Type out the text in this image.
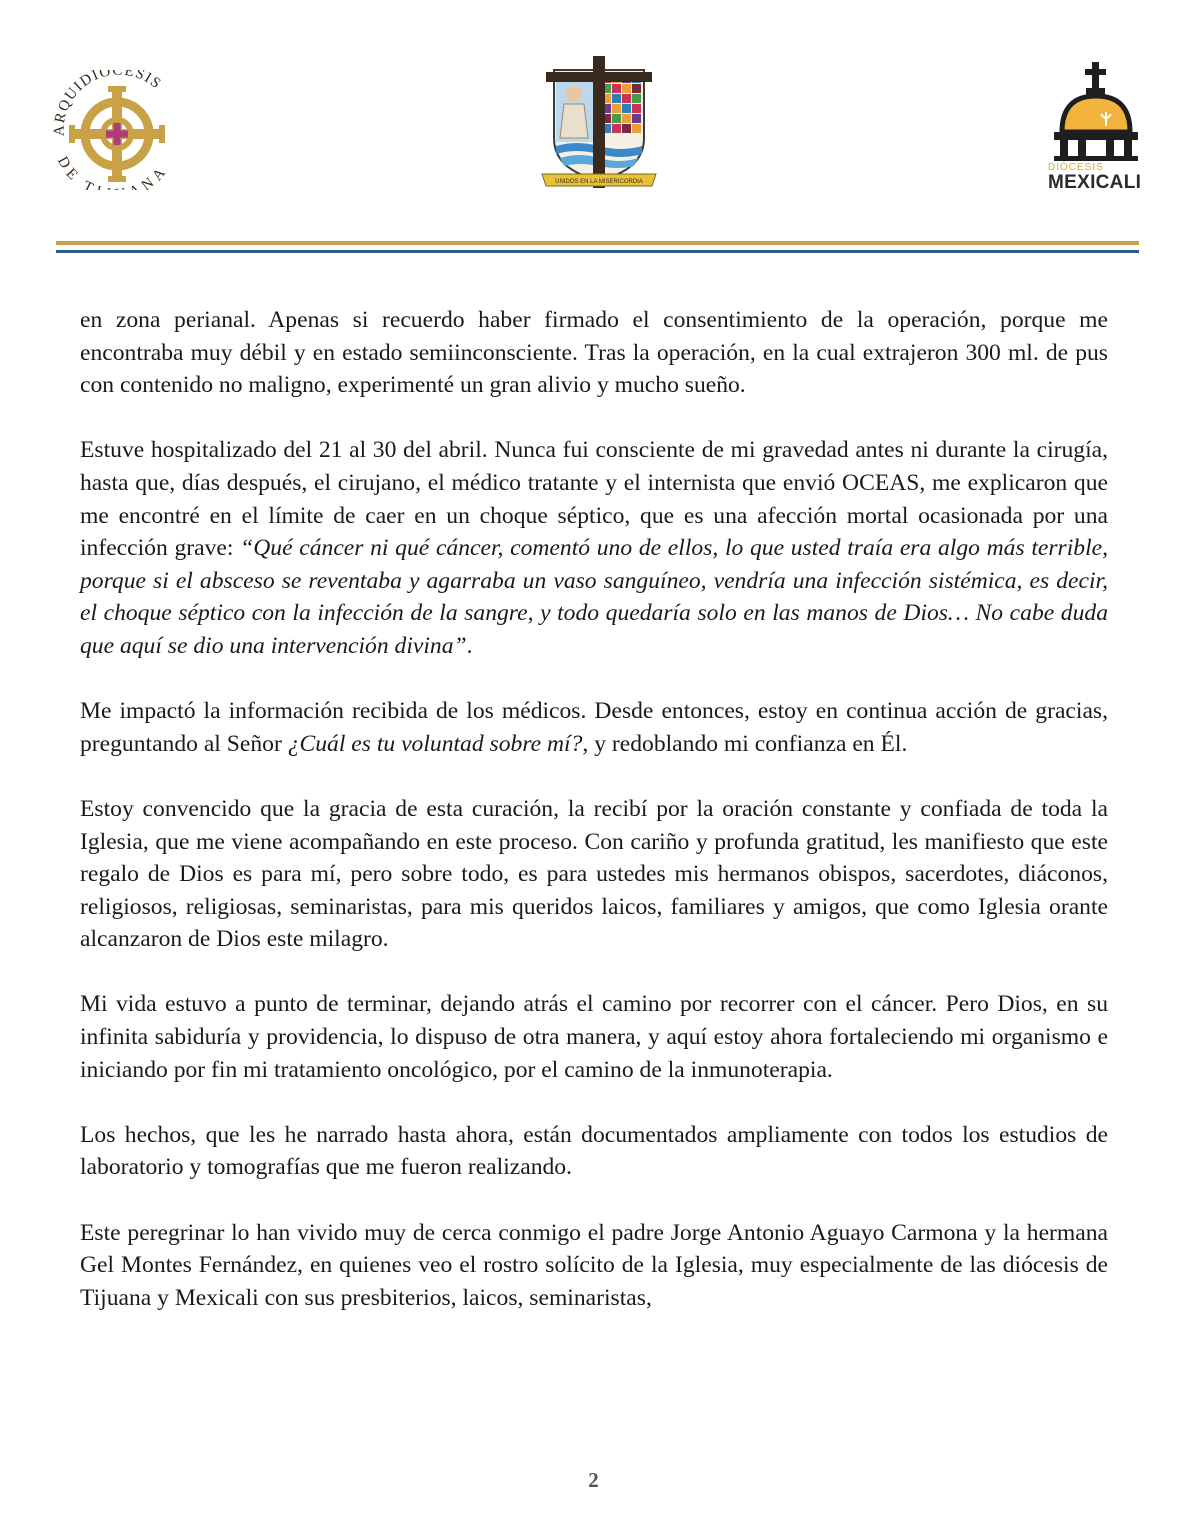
ARQUIDIÓCESIS
DE T NA	UNIDOS EN LA MISERICORDIA
DIÓCESIS
MEXICALI

en zona perianal. Apenas si recuerdo haber firmado el consentimiento de la operación, porque me encontraba muy débil y en estado semiinconsciente. Tras la operación, en la cual extrajeron 300 ml. de pus con contenido no maligno, experimenté un gran alivio y mucho sueño.

Estuve hospitalizado del 21 al 30 del abril. Nunca fui consciente de mi gravedad antes ni durante la cirugía, hasta que, días después, el cirujano, el médico tratante y el internista que envió OCEAS, me explicaron que me encontré en el límite de caer en un choque séptico, que es una afección mortal ocasionada por una infección grave: “Qué cáncer ni qué cáncer, comentó uno de ellos, lo que usted traía era algo más terrible, porque si el absceso se reventaba y agarraba un vaso sanguíneo, vendría una infección sistémica, es decir, el choque séptico con la infección de la sangre, y todo quedaría solo en las manos de Dios… No cabe duda que aquí se dio una intervención divina”.

Me impactó la información recibida de los médicos. Desde entonces, estoy en continua acción de gracias, preguntando al Señor ¿Cuál es tu voluntad sobre mí?, y redoblando mi confianza en Él.

Estoy convencido que la gracia de esta curación, la recibí por la oración constante y confiada de toda la Iglesia, que me viene acompañando en este proceso. Con cariño y profunda gratitud, les manifiesto que este regalo de Dios es para mí, pero sobre todo, es para ustedes mis hermanos obispos, sacerdotes, diáconos, religiosos, religiosas, seminaristas, para mis queridos laicos, familiares y amigos, que como Iglesia orante alcanzaron de Dios este milagro.

Mi vida estuvo a punto de terminar, dejando atrás el camino por recorrer con el cáncer. Pero Dios, en su infinita sabiduría y providencia, lo dispuso de otra manera, y aquí estoy ahora fortaleciendo mi organismo e iniciando por fin mi tratamiento oncológico, por el camino de la inmunoterapia.

Los hechos, que les he narrado hasta ahora, están documentados ampliamente con todos los estudios de laboratorio y tomografías que me fueron realizando.

Este peregrinar lo han vivido muy de cerca conmigo el padre Jorge Antonio Aguayo Carmona y la hermana Gel Montes Fernández, en quienes veo el rostro solícito de la Iglesia, muy especialmente de las diócesis de Tijuana y Mexicali con sus presbiterios, laicos, seminaristas,

2
